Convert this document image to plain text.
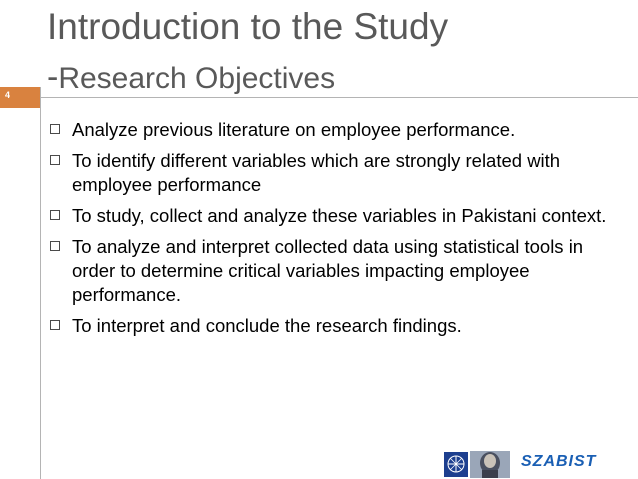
Introduction to the Study
-Research Objectives
4
Analyze previous literature on employee performance.
To identify different variables which are strongly related with employee performance
To study, collect and analyze these variables in Pakistani context.
To analyze and interpret collected data using statistical tools in order to determine critical variables impacting employee performance.
To interpret and conclude the research findings.
SZABIST
